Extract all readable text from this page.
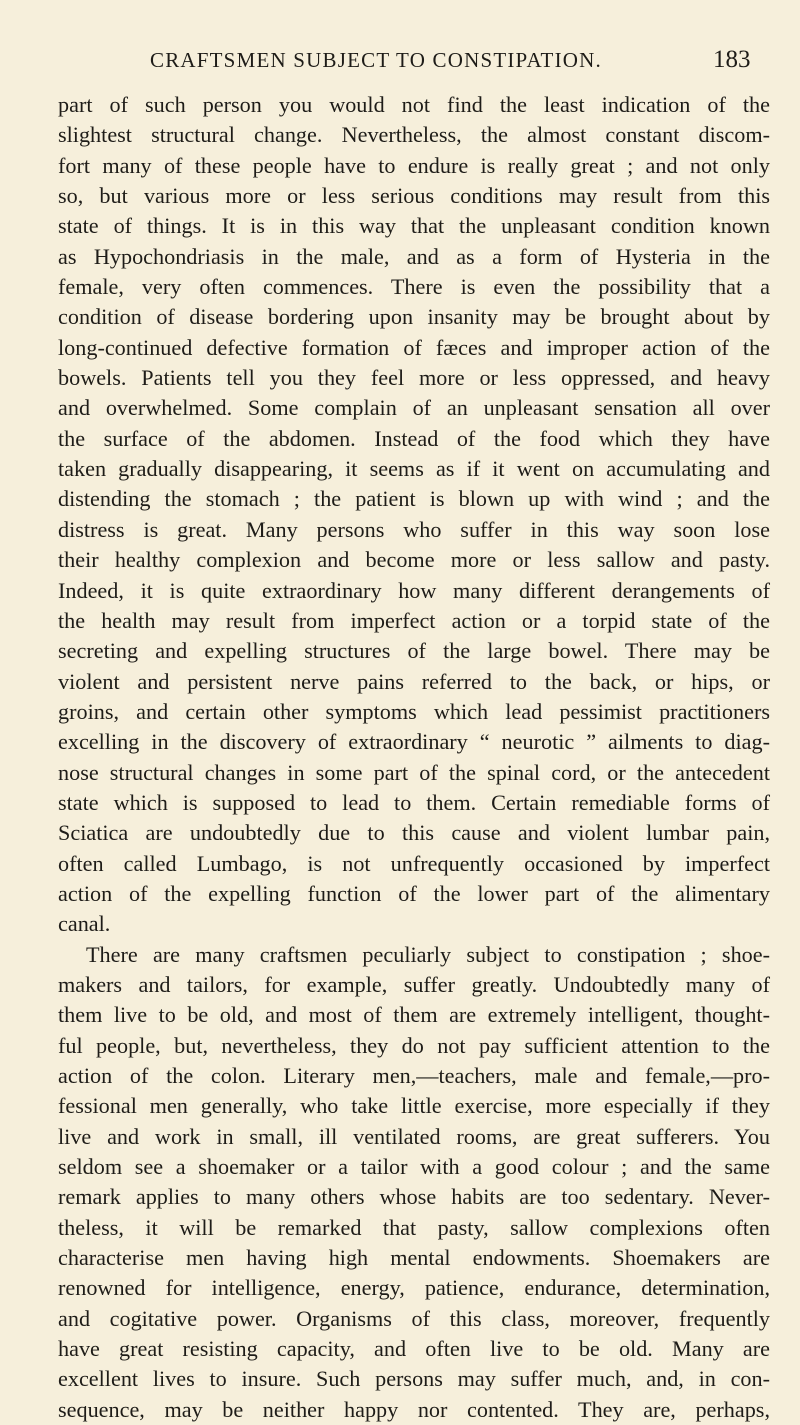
CRAFTSMEN SUBJECT TO CONSTIPATION.	183
part of such person you would not find the least indication of the
slightest structural change. Nevertheless, the almost constant discom-
fort many of these people have to endure is really great ; and not only
so, but various more or less serious conditions may result from this
state of things. It is in this way that the unpleasant condition known
as Hypochondriasis in the male, and as a form of Hysteria in the
female, very often commences. There is even the possibility that a
condition of disease bordering upon insanity may be brought about by
long-continued defective formation of fæces and improper action of the
bowels. Patients tell you they feel more or less oppressed, and heavy
and overwhelmed. Some complain of an unpleasant sensation all over
the surface of the abdomen. Instead of the food which they have
taken gradually disappearing, it seems as if it went on accumulating and
distending the stomach ; the patient is blown up with wind ; and the
distress is great. Many persons who suffer in this way soon lose
their healthy complexion and become more or less sallow and pasty.
Indeed, it is quite extraordinary how many different derangements of
the health may result from imperfect action or a torpid state of the
secreting and expelling structures of the large bowel. There may be
violent and persistent nerve pains referred to the back, or hips, or
groins, and certain other symptoms which lead pessimist practitioners
excelling in the discovery of extraordinary “ neurotic ” ailments to diag-
nose structural changes in some part of the spinal cord, or the antecedent
state which is supposed to lead to them. Certain remediable forms of
Sciatica are undoubtedly due to this cause and violent lumbar pain,
often called Lumbago, is not unfrequently occasioned by imperfect
action of the expelling function of the lower part of the alimentary
canal.
There are many craftsmen peculiarly subject to constipation ; shoe-
makers and tailors, for example, suffer greatly. Undoubtedly many of
them live to be old, and most of them are extremely intelligent, thought-
ful people, but, nevertheless, they do not pay sufficient attention to the
action of the colon. Literary men,—teachers, male and female,—pro-
fessional men generally, who take little exercise, more especially if they
live and work in small, ill ventilated rooms, are great sufferers. You
seldom see a shoemaker or a tailor with a good colour ; and the same
remark applies to many others whose habits are too sedentary. Never-
theless, it will be remarked that pasty, sallow complexions often
characterise men having high mental endowments. Shoemakers are
renowned for intelligence, energy, patience, endurance, determination,
and cogitative power. Organisms of this class, moreover, frequently
have great resisting capacity, and often live to be old. Many are
excellent lives to insure. Such persons may suffer much, and, in con-
sequence, may be neither happy nor contented. They are, perhaps,
